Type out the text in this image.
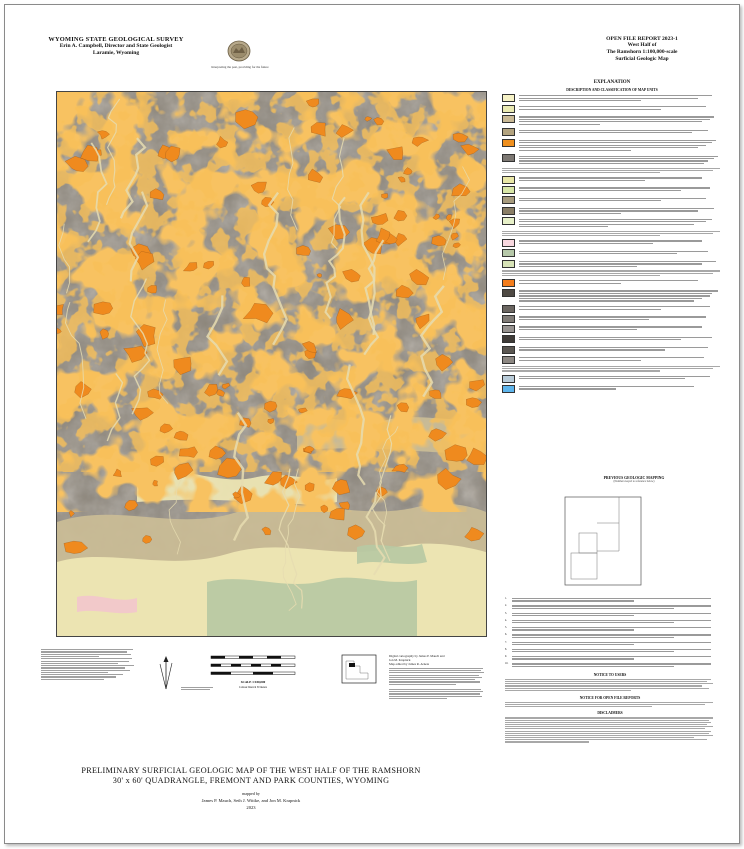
WYOMING STATE GEOLOGICAL SURVEY
Erin A. Campbell, Director and State Geologist
Laramie, Wyoming
Interpreting the past, providing for the future
OPEN FILE REPORT 2023-1
West Half of
The Ramshorn 1:100,000-scale
Surficial Geologic Map
EXPLANATION
DESCRIPTION AND CLASSIFICATION OF MAP UNITS
PREVIOUS GEOLOGIC MAPPING
(Numbers keyed to reference below)
1.
2.
3.
4.
5.
6.
7.
8.
9.
10.
NOTICE TO USERS
NOTICE FOR OPEN FILE REPORTS
DISCLAIMERS
SCALE 1:100,000
Contour Interval 50 meters
Digital cartography by James P. Mauch and
Jon M. Krapnick
Map edited by James R. Arneta
PRELIMINARY SURFICIAL GEOLOGIC MAP OF THE WEST HALF OF THE RAMSHORN
30' x 60' QUADRANGLE, FREMONT AND PARK COUNTIES, WYOMING
mapped by
James P. Mauch, Seth J. Wittke, and Jon M. Krapnick
2023
